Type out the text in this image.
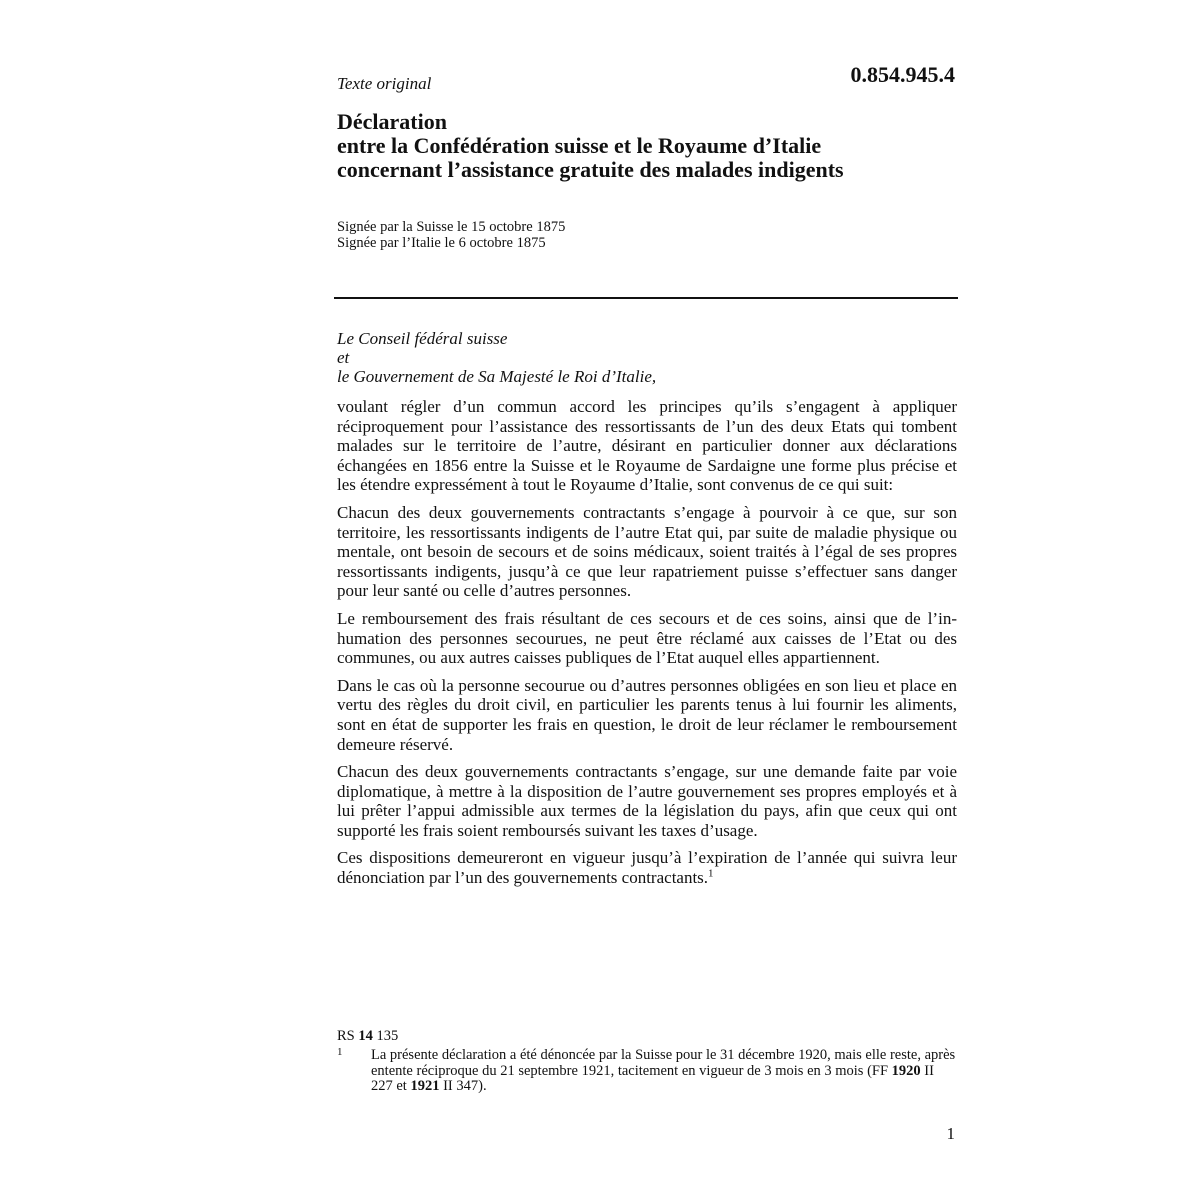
Texte original	0.854.945.4
Déclaration
entre la Confédération suisse et le Royaume d’Italie
concernant l’assistance gratuite des malades indigents
Signée par la Suisse le 15 octobre 1875
Signée par l’Italie le 6 octobre 1875
Le Conseil fédéral suisse
et
le Gouvernement de Sa Majesté le Roi d’Italie,

voulant régler d’un commun accord les principes qu’ils s’engagent à appliquer réciproquement pour l’assistance des ressortissants de l’un des deux Etats qui tombent malades sur le territoire de l’autre, désirant en particulier donner aux déclarations échangées en 1856 entre la Suisse et le Royaume de Sardaigne une forme plus précise et les étendre expressément à tout le Royaume d’Italie, sont convenus de ce qui suit:

Chacun des deux gouvernements contractants s’engage à pourvoir à ce que, sur son territoire, les ressortissants indigents de l’autre Etat qui, par suite de maladie physique ou mentale, ont besoin de secours et de soins médicaux, soient traités à l’égal de ses propres ressortissants indigents, jusqu’à ce que leur rapatriement puisse s’effectuer sans danger pour leur santé ou celle d’autres personnes.

Le remboursement des frais résultant de ces secours et de ces soins, ainsi que de l’inhumation des personnes secourues, ne peut être réclamé aux caisses de l’Etat ou des communes, ou aux autres caisses publiques de l’Etat auquel elles appartiennent.

Dans le cas où la personne secourue ou d’autres personnes obligées en son lieu et place en vertu des règles du droit civil, en particulier les parents tenus à lui fournir les aliments, sont en état de supporter les frais en question, le droit de leur réclamer le remboursement demeure réservé.

Chacun des deux gouvernements contractants s’engage, sur une demande faite par voie diplomatique, à mettre à la disposition de l’autre gouvernement ses propres employés et à lui prêter l’appui admissible aux termes de la législation du pays, afin que ceux qui ont supporté les frais soient remboursés suivant les taxes d’usage.

Ces dispositions demeureront en vigueur jusqu’à l’expiration de l’année qui suivra leur dénonciation par l’un des gouvernements contractants.$^1$

RS 14 135
1 La présente déclaration a été dénoncée par la Suisse pour le 31 décembre 1920, mais elle reste, après entente réciproque du 21 septembre 1921, tacitement en vigueur de 3 mois en 3 mois (FF 1920 II 227 et 1921 II 347).
1
